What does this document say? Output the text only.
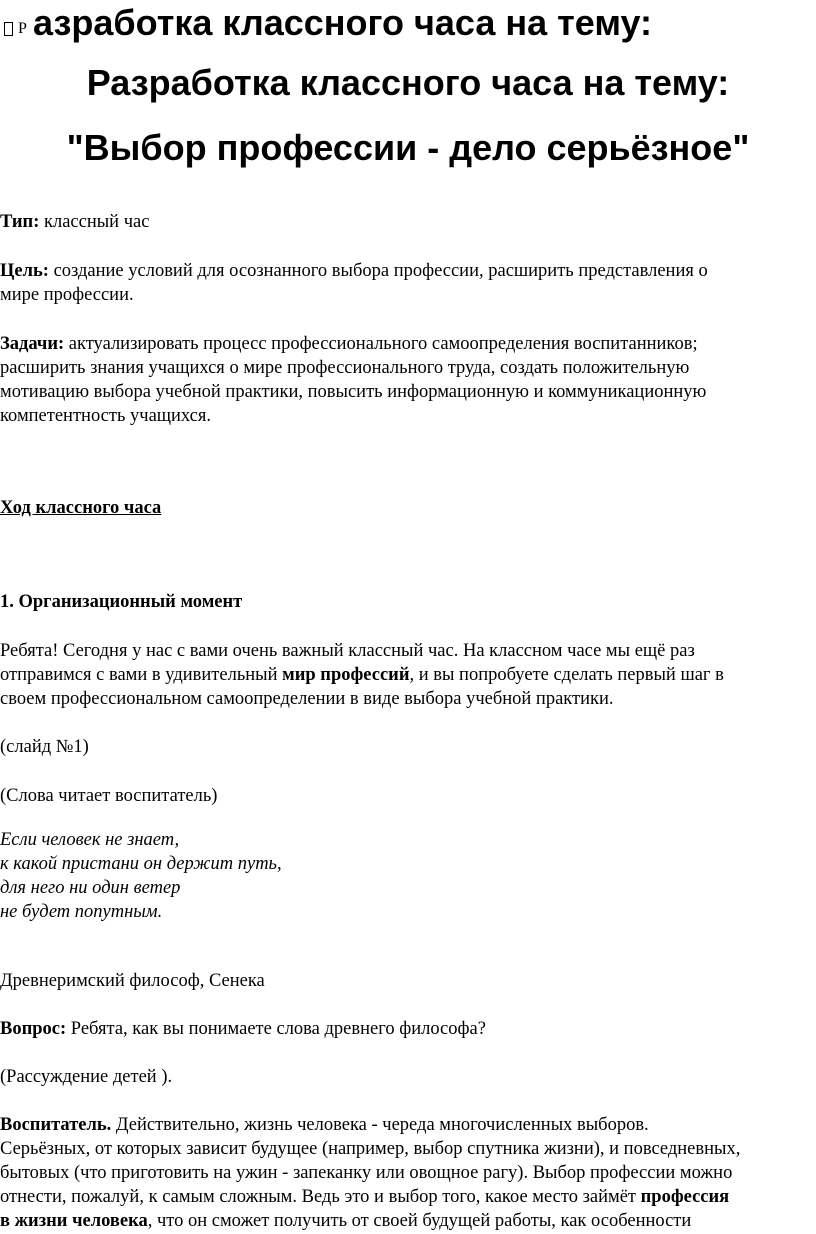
Р азработка классного часа на тему:
Разработка классного часа на тему:
"Выбор профессии - дело серьёзное"
Тип: классный час
Цель: создание условий для осознанного выбора профессии, расширить представления о
мире профессии.
Задачи: актуализировать процесс профессионального самоопределения воспитанников;
расширить знания учащихся о мире профессионального труда, создать положительную
мотивацию выбора учебной практики, повысить информационную и коммуникационную
компетентность учащихся.
Ход классного часа
1. Организационный момент
Ребята! Сегодня у нас с вами очень важный классный час. На классном часе мы ещё раз
отправимся с вами в удивительный мир профессий, и вы попробуете сделать первый шаг в
своем профессиональном самоопределении в виде выбора учебной практики.
(слайд №1)
(Слова читает воспитатель)
Если человек не знает,
к какой пристани он держит путь,
для него ни один ветер
не будет попутным.
Древнеримский философ, Сенека
Вопрос: Ребята, как вы понимаете слова древнего философа?
(Рассуждение детей ).
Воспитатель. Действительно, жизнь человека - череда многочисленных выборов.
Серьёзных, от которых зависит будущее (например, выбор спутника жизни), и повседневных,
бытовых (что приготовить на ужин - запеканку или овощное рагу). Выбор профессии можно
отнести, пожалуй, к самым сложным. Ведь это и выбор того, какое место займёт профессия
в жизни человека, что он сможет получить от своей будущей работы, как особенности
